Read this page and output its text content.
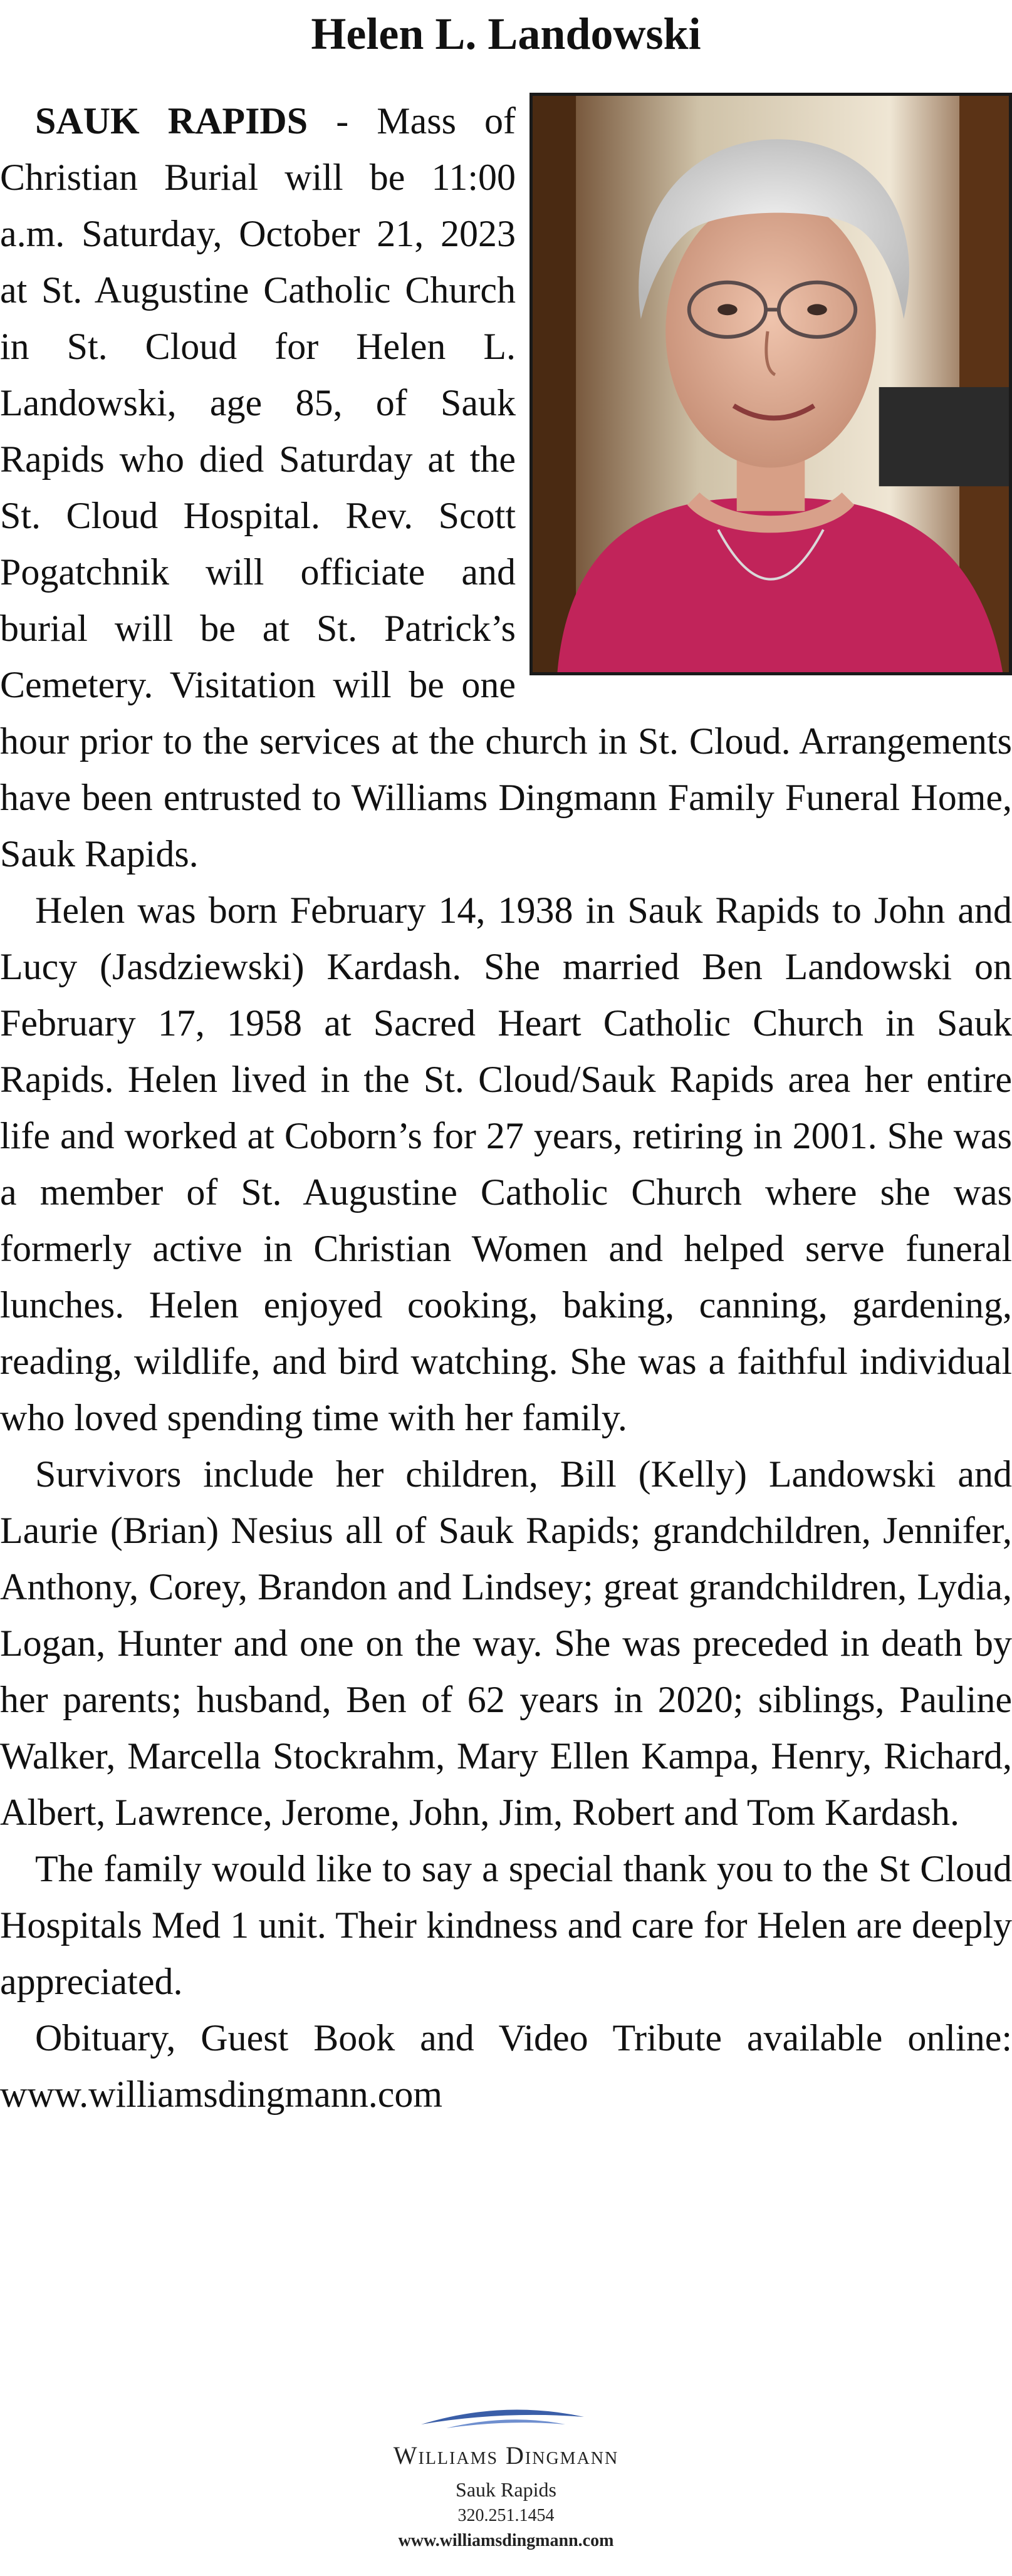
Helen L. Landowski

SAUK RAPIDS - Mass of Christian Burial will be 11:00 a.m. Saturday, October 21, 2023 at St. Augustine Catholic Church in St. Cloud for Helen L. Landowski, age 85, of Sauk Rapids who died Saturday at the St. Cloud Hospital. Rev. Scott Pogatchnik will officiate and burial will be at St. Patrick’s Cemetery. Visitation will be one hour prior to the services at the church in St. Cloud. Arrangements have been entrusted to Williams Dingmann Family Funeral Home, Sauk Rapids.

Helen was born February 14, 1938 in Sauk Rapids to John and Lucy (Jasdziewski) Kardash. She married Ben Landowski on February 17, 1958 at Sacred Heart Catholic Church in Sauk Rapids. Helen lived in the St. Cloud/Sauk Rapids area her entire life and worked at Coborn’s for 27 years, retiring in 2001. She was a member of St. Augustine Catholic Church where she was formerly active in Christian Women and helped serve funeral lunches. Helen enjoyed cooking, baking, canning, gardening, reading, wildlife, and bird watching. She was a faithful individual who loved spending time with her family.

Survivors include her children, Bill (Kelly) Landowski and Laurie (Brian) Nesius all of Sauk Rapids; grandchildren, Jennifer, Anthony, Corey, Brandon and Lindsey; great grandchildren, Lydia, Logan, Hunter and one on the way. She was preceded in death by her parents; husband, Ben of 62 years in 2020; siblings, Pauline Walker, Marcella Stockrahm, Mary Ellen Kampa, Henry, Richard, Albert, Lawrence, Jerome, John, Jim, Robert and Tom Kardash.

The family would like to say a special thank you to the St Cloud Hospitals Med 1 unit. Their kindness and care for Helen are deeply appreciated.

Obituary, Guest Book and Video Tribute available online: www.williamsdingmann.com

Williams Dingmann
Sauk Rapids
320.251.1454
www.williamsdingmann.com
